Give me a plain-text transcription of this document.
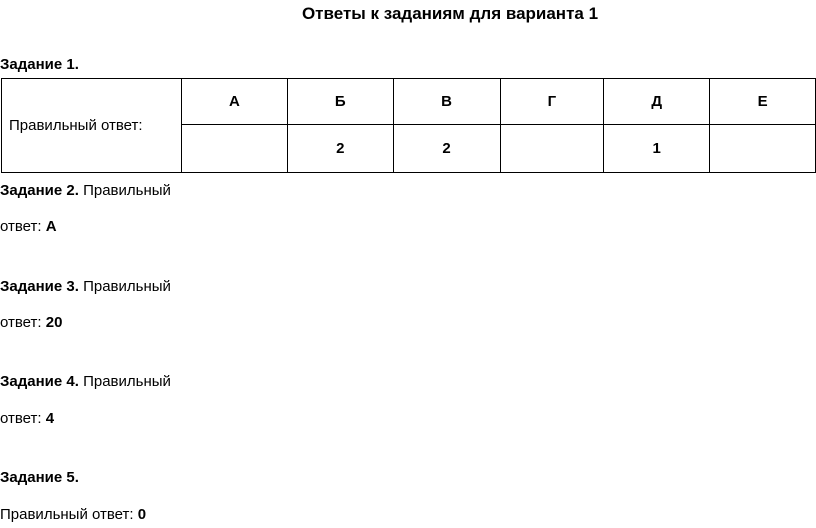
Ответы к заданиям для варианта 1
Задание 1.
Правильный ответ:	А	Б	В	Г	Д	Е
		2	2		1	
Задание 2. Правильный
ответ: А
Задание 3. Правильный
ответ: 20
Задание 4. Правильный
ответ: 4
Задание 5.
Правильный ответ: 0
